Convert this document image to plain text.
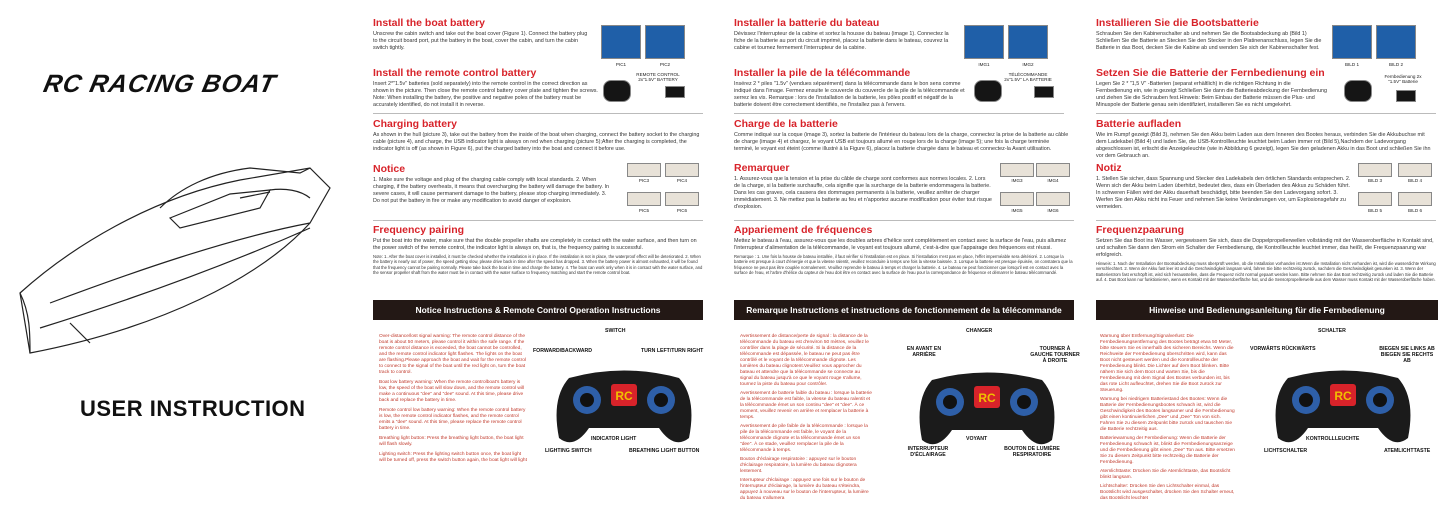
RC RACING BOAT
USER INSTRUCTION
Install the boat battery
Unscrew the cabin switch and take out the boat cover (Figure 1). Connect the battery plug to the circuit board port, put the battery in the boat, cover the cabin, and turn the cabin switch tightly.
Install the remote control battery
Insert 2*"1.5v" batteries (sold separately) into the remote control in the correct direction as shown in the picture. Then close the remote control battery cover plate and tighten the screws. Note: When installing the battery, the positive and negative poles of the battery must be accurately identified, do not install it in reverse.
PIC1	PIC2
REMOTE CONTROL 2x"1.5V" BATTERY
Charging battery
As shown in the hull (picture 3), take out the battery from the inside of the boat when charging, connect the battery socket to the charging cable (picture 4), and charge, the USB indicator light is always on red when charging (picture 5);After the charging is completed, the indicator light is off (as shown in Figure 6), put the charged battery into the boat and connect it before use.
Notice
1. Make sure the voltage and plug of the charging cable comply with local standards. 2. When charging, if the battery overheats, it means that overcharging the battery will damage the battery. In severe cases, it will cause permanent damage to the battery, please stop charging immediately. 3. Do not put the battery in fire or make any modification to avoid danger of explosion.
PIC3	PIC4
PIC5	PIC6
Frequency pairing
Put the boat into the water, make sure that the double propeller shafts are completely in contact with the water surface, and then turn on the power switch of the remote control, the indicator light is always on, that is, the frequency pairing is successful.
Note: 1. After the boat cover is installed, it must be checked whether the installation is in place. If the installation is not in place, the waterproof effect will be deteriorated. 2. When the battery is nearly out of power, the speed getting slow, please drive back in time after the speed has dropped. 3. When the battery power is almost exhausted, it will be found that the frequency cannot be pairing normally. Please take back the boat in time and charge the battery. 4. The boat can work only when it is in contact with the water surface, and the sensor propeller shaft from the water must be in contact with the water surface to frequency matching and start the remote control boat.
Notice Instructions & Remote Control Operation Instructions
Over-distance/lost signal warning: The remote control distance of the boat is about 50 meters, please control it within the safe range. If the remote control distance is exceeded, the boat cannot be controlled, and the remote control indicator light flashes. The lights on the boat are flashing.Please approach the boat and wait for the remote control to connect to the signal of the boat until the red light on, turn the boat track to control.
Boat low battery warning: When the remote controlboat's battery is low, the speed of the boat will slow down, and the remote control will make a continuous "dee" and "dee" sound. At this time, please drive back and replace the battery in time.
Remote control low battery warning: When the remote control battery is low, the remote control indicator flashes, and the remote control emits a "dee" sound. At this time, please replace the remote control battery in time.
Breathing light button: Press the breathing light button, the boat light will flash slowly.
Lighting switch: Press the lighting switch button once, the boat light will be turned off, press the switch button again, the boat light will light
SWITCH
FORWARD/BACKWARD	TURN LEFT/TURN RIGHT
RC
INDICATOR LIGHT
LIGHTING SWITCH	BREATHING LIGHT BUTTON
Installer la batterie du bateau
Dévissez l'interrupteur de la cabine et sortez la housse du bateau (image 1). Connectez la fiche de la batterie au port du circuit imprimé, placez la batterie dans le bateau, couvrez la cabine et tournez fermement l'interrupteur de la cabine.
Installer la pile de la télécommande
Insérez 2 * piles "1.5v" (vendues séparément) dans la télécommande dans le bon sens comme indiqué dans l'image. Fermez ensuite le couvercle du couvercle de la pile de la télécommande et serrez les vis. Remarque : lors de l'installation de la batterie, les pôles positif et négatif de la batterie doivent être correctement identifiés, ne l'installez pas à l'envers.
IMG1	IMG2
TÉLÉCOMMANDE 2x"1.5V" LA BATTERIE
Charge de la batterie
Comme indiqué sur la coque (image 3), sortez la batterie de l'intérieur du bateau lors de la charge, connectez la prise de la batterie au câble de charge (image 4) et chargez, le voyant USB est toujours allumé en rouge lors de la charge (image 5); une fois la charge terminée terminé, le voyant est éteint (comme illustré à la Figure 6), placez la batterie chargée dans le bateau et connectez-la Avant utilisation.
Remarquer
1. Assurez-vous que la tension et la prise du câble de charge sont conformes aux normes locales. 2. Lors de la charge, si la batterie surchauffe, cela signifie que la surcharge de la batterie endommagera la batterie. Dans les cas graves, cela causera des dommages permanents à la batterie, veuillez arrêter de charger immédiatement. 3. Ne mettez pas la batterie au feu et n'apportez aucune modification pour éviter tout risque d'explosion.
IMG3	IMG4
IMG5	IMG6
Appariement de fréquences
Mettez le bateau à l'eau, assurez-vous que les doubles arbres d'hélice sont complètement en contact avec la surface de l'eau, puis allumez l'interrupteur d'alimentation de la télécommande, le voyant est toujours allumé, c'est-à-dire que l'appairage des fréquences est réussi.
Remarque : 1. Une fois la housse de bateau installée, il faut vérifier si l'installation est en place. Si l'installation n'est pas en place, l'effet imperméable sera détérioré. 2. Lorsque la batterie est presque à court d'énergie et que la vitesse ralentit, veuillez reconduire à temps une fois la vitesse baissée. 3. Lorsque la batterie est presque épuisée, on constatera que la fréquence ne peut pas être couplée normalement. Veuillez reprendre le bateau à temps et charger la batterie. 4. Le bateau ne peut fonctionner que lorsqu'il est en contact avec la surface de l'eau, et l'arbre d'hélice du capteur de l'eau doit être en contact avec la surface de l'eau pour la correspondance de fréquence et démarrer le bateau télécommandé.
Remarque Instructions et instructions de fonctionnement de la télécommande
Avertissement de distance/perte de signal : la distance de la télécommande du bateau est d'environ 50 mètres, veuillez le contrôler dans la plage de sécurité. Si la distance de la télécommande est dépassée, le bateau ne peut pas être contrôlé et le voyant de la télécommande clignote. Les lumières du bateau clignotent.Veuillez vous approcher du bateau et attendre que la télécommande se connecte au signal du bateau jusqu'à ce que le voyant rouge s'allume, tournez la piste du bateau pour contrôler.
Avertissement de batterie faible du bateau : lorsque la batterie de la télécommande est faible, la vitesse du bateau ralentit et la télécommande émet un son continu "dee" et "dee". À ce moment, veuillez revenir en arrière et remplacer la batterie à temps.
Avertissement de pile faible de la télécommande : lorsque la pile de la télécommande est faible, le voyant de la télécommande clignote et la télécommande émet un son "dee". À ce stade, veuillez remplacer la pile de la télécommande à temps.
Bouton d'éclairage respiratoire : appuyez sur le bouton d'éclairage respiratoire, la lumière du bateau clignotera lentement.
Interrupteur d'éclairage : appuyez une fois sur le bouton de l'interrupteur d'éclairage, la lumière du bateau s'éteindra, appuyez à nouveau sur le bouton de l'interrupteur, la lumière du bateau s'allumera
CHANGER
EN AVANT EN ARRIÈRE
TOURNER À GAUCHE TOURNER À DROITE
RC
VOYANT
INTERRUPTEUR D'ÉCLAIRAGE
BOUTON DE LUMIÈRE RESPIRATOIRE
Installieren Sie die Bootsbatterie
Schrauben Sie den Kabinenschalter ab und nehmen Sie die Bootsabdeckung ab (Bild 1) Schließen Sie die Batterie an Stecken Sie den Stecker in den Platinenanschluss, legen Sie die Batterie in das Boot, decken Sie die Kabine ab und wenden Sie sich der Kabinenschalter fest.
Setzen Sie die Batterie der Fernbedienung ein
Legen Sie 2 * "1,5 V" -Batterien (separat erhältlich) in die richtigen Richtung in die Fernbedienung ein, wie in gezeigt Schließen Sie dann die Batterieabdeckung der Fernbedienung und ziehen Sie die Schrauben fest.Hinweis: Beim Einbau der Batterie müssen die Plus- und Minuspole der Batterie genau sein identifiziert, installieren Sie es nicht umgekehrt.
BILD 1	BILD 2
Fernbedienung 2x "1.5V" Batterie
Batterie aufladen
Wie im Rumpf gezeigt (Bild 3), nehmen Sie den Akku beim Laden aus dem Inneren des Bootes heraus, verbinden Sie die Akkubuchse mit dem Ladekabel (Bild 4) und laden Sie, die USB-Kontrollleuchte leuchtet beim Laden immer rot (Bild 5),Nachdem der Ladevorgang abgeschlossen ist, erlischt die Anzeigeleuchte (wie in Abbildung 6 gezeigt), legen Sie den geladenen Akku in das Boot und schließen Sie ihn vor dem Gebrauch an.
Notiz
1. Stellen Sie sicher, dass Spannung und Stecker des Ladekabels den örtlichen Standards entsprechen. 2. Wenn sich der Akku beim Laden überhitzt, bedeutet dies, dass ein Überladen des Akkus zu Schäden führt. In schweren Fällen wird der Akku dauerhaft beschädigt, bitte beenden Sie den Ladevorgang sofort. 3. Werfen Sie den Akku nicht ins Feuer und nehmen Sie keine Veränderungen vor, um Explosionsgefahr zu vermeiden.
BILD 3	BILD 4
BILD 5	BILD 6
Frequenzpaarung
Setzen Sie das Boot ins Wasser, vergewissern Sie sich, dass die Doppelpropellerwellen vollständig mit der Wasseroberfläche in Kontakt sind, und schalten Sie dann den Strom ein Schalter der Fernbedienung, die Kontrollleuchte leuchtet immer, das heißt, die Frequenzpaarung war erfolgreich.
Hinweis: 1. Nach der Installation der Bootsabdeckung muss überprüft werden, ob die Installation vorhanden ist.Wenn die Installation nicht vorhanden ist, wird die wasserdichte Wirkung verschlechtert. 2. Wenn der Akku fast leer ist und die Geschwindigkeit langsam wird, fahren Sie bitte rechtzeitig zurück, nachdem die Geschwindigkeit gesunken ist. 3. Wenn der Batteriestrom fast erschöpft ist, wird sich herausstellen, dass die Frequenz nicht normal gepaart werden kann. Bitte nehmen Sie das Boot rechtzeitig zurück und laden Sie die Batterie auf. 4. Das Boot kann nur funktionieren, wenn es Kontakt mit der Wasseroberfläche hat, und die Sensorpropellerwelle aus dem Wasser muss Kontakt mit der Wasseroberfläche haben.
Hinweise und Bedienungsanleitung für die Fernbedienung
Warnung über Entfernung/Signalverlust: Die Fernbedienungsentfernung des Bootes beträgt etwa 50 Meter, bitte steuern Sie es innerhalb des sicheren Bereichs. Wenn die Reichweite der Fernbedienung überschritten wird, kann das Boot nicht gesteuert werden und die Kontrollleuchte der Fernbedienung blinkt. Die Lichter auf dem Boot blinken. Bitte nähern Sie sich dem Boot und warten Sie, bis die Fernbedienung mit dem Signal des Bootes verbunden ist, bis das rote Licht aufleuchtet, drehen Sie die Boot zurück zur Steuerung.
Warnung bei niedrigem Batteriestand des Bootes: Wenn die Batterie der Fernbedienungsbootes schwach ist, wird die Geschwindigkeit des Bootes langsamer und die Fernbedienung gibt einen kontinuierlichen „Dee" und „Dee" Ton von sich. Fahren Sie zu diesem Zeitpunkt bitte zurück und tauschen Sie die Batterie rechtzeitig aus.
Batteriewarnung der Fernbedienung: Wenn die Batterie der Fernbedienung schwach ist, blinkt die Fernbedienungsanzeige und die Fernbedienung gibt einen „Dee" Ton aus. Bitte ersetzen Sie zu diesem Zeitpunkt bitte rechtzeitig die Batterie der Fernbedienung.
Atemlichttaste: Drücken Sie die Atemlichttaste, das Bootslicht blinkt langsam.
Lichtschalter: Drücken Sie den Lichtschalter einmal, das Bootslicht wird ausgeschaltet, drücken Sie den Schalter erneut, das Bootslicht leuchtet
SCHALTER
VORWÄRTS RÜCKWÄRTS	BIEGEN SIE LINKS AB BIEGEN SIE RECHTS AB
RC
KONTROLLLEUCHTE
LICHTSCHALTER	ATEMLICHTTASTE
